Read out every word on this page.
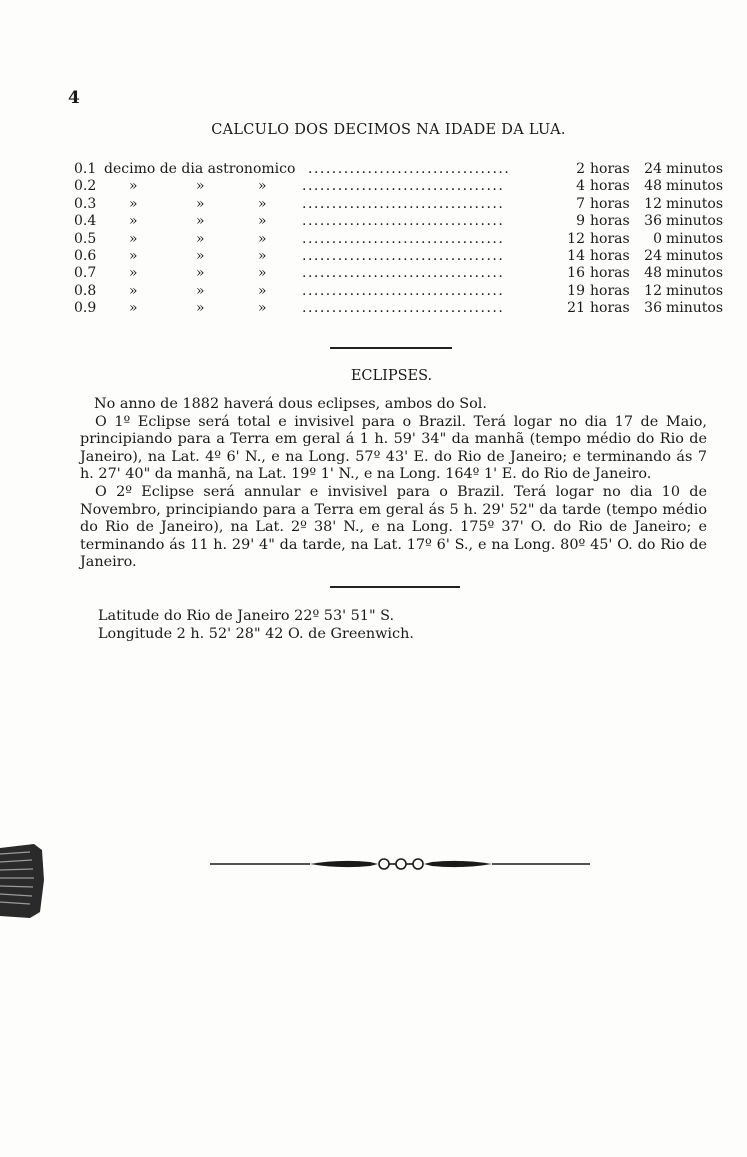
4
CALCULO DOS DECIMOS NA IDADE DA LUA.
0.1 decimo de dia astronomico ..................................	2 horas	24 minutos
0.2 »	»	»	..................................	4 horas	48 minutos
0.3 »	»	»	..................................	7 horas	12 minutos
0.4 »	»	»	..................................	9 horas	36 minutos
0.5 »	»	»	..................................	12 horas	0 minutos
0.6 »	»	»	..................................	14 horas	24 minutos
0.7 »	»	»	..................................	16 horas	48 minutos
0.8 »	»	»	..................................	19 horas	12 minutos
0.9 »	»	»	..................................	21 horas	36 minutos
ECLIPSES.

No anno de 1882 haverá dous eclipses, ambos do Sol.

O 1º Eclipse será total e invisivel para o Brazil. Terá logar no dia 17 de Maio, principiando para a Terra em geral á 1 h. 59' 34" da manhã (tempo médio do Rio de Janeiro), na Lat. 4º 6' N., e na Long. 57º 43' E. do Rio de Janeiro; e terminando ás 7 h. 27' 40" da manhã, na Lat. 19º 1' N., e na Long. 164º 1' E. do Rio de Janeiro.

O 2º Eclipse será annular e invisivel para o Brazil. Terá logar no dia 10 de Novembro, principiando para a Terra em geral ás 5 h. 29' 52" da tarde (tempo médio do Rio de Janeiro), na Lat. 2º 38' N., e na Long. 175º 37' O. do Rio de Janeiro; e terminando ás 11 h. 29' 4" da tarde, na Lat. 17º 6' S., e na Long. 80º 45' O. do Rio de Janeiro.

Latitude do Rio de Janeiro 22º 53' 51" S.
Longitude 2 h. 52' 28" 42 O. de Greenwich.
